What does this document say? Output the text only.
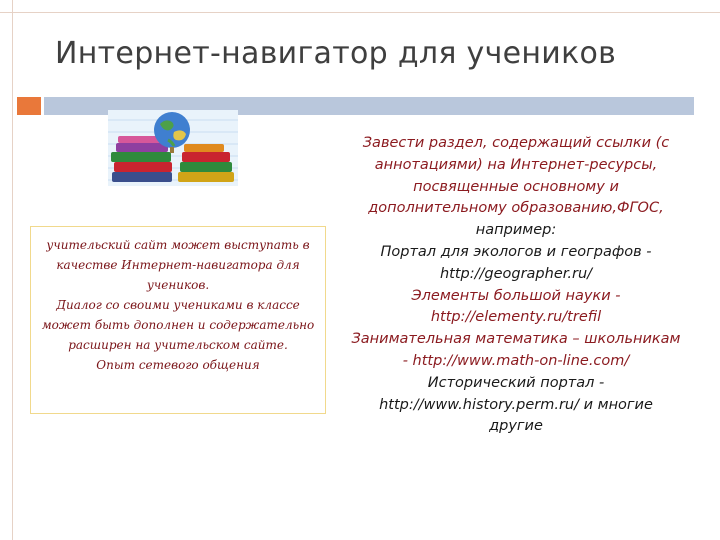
Интернет-навигатор для учеников

учительский сайт может выступать в качестве Интернет-навигатора для учеников.

Диалог со своими учениками в классе может быть дополнен и содержательно расширен на учительском сайте.

Опыт сетевого общения

Завести раздел, содержащий ссылки (с аннотациями) на Интернет-ресурсы, посвященные основному и дополнительному образованию,ФГОС,

например:

Портал для экологов и географов - http://geographer.ru/

Элементы большой науки - http://elementy.ru/trefil

Занимательная математика – школьникам - http://www.math-on-line.com/

Исторический портал - http://www.history.perm.ru/ и многие другие
